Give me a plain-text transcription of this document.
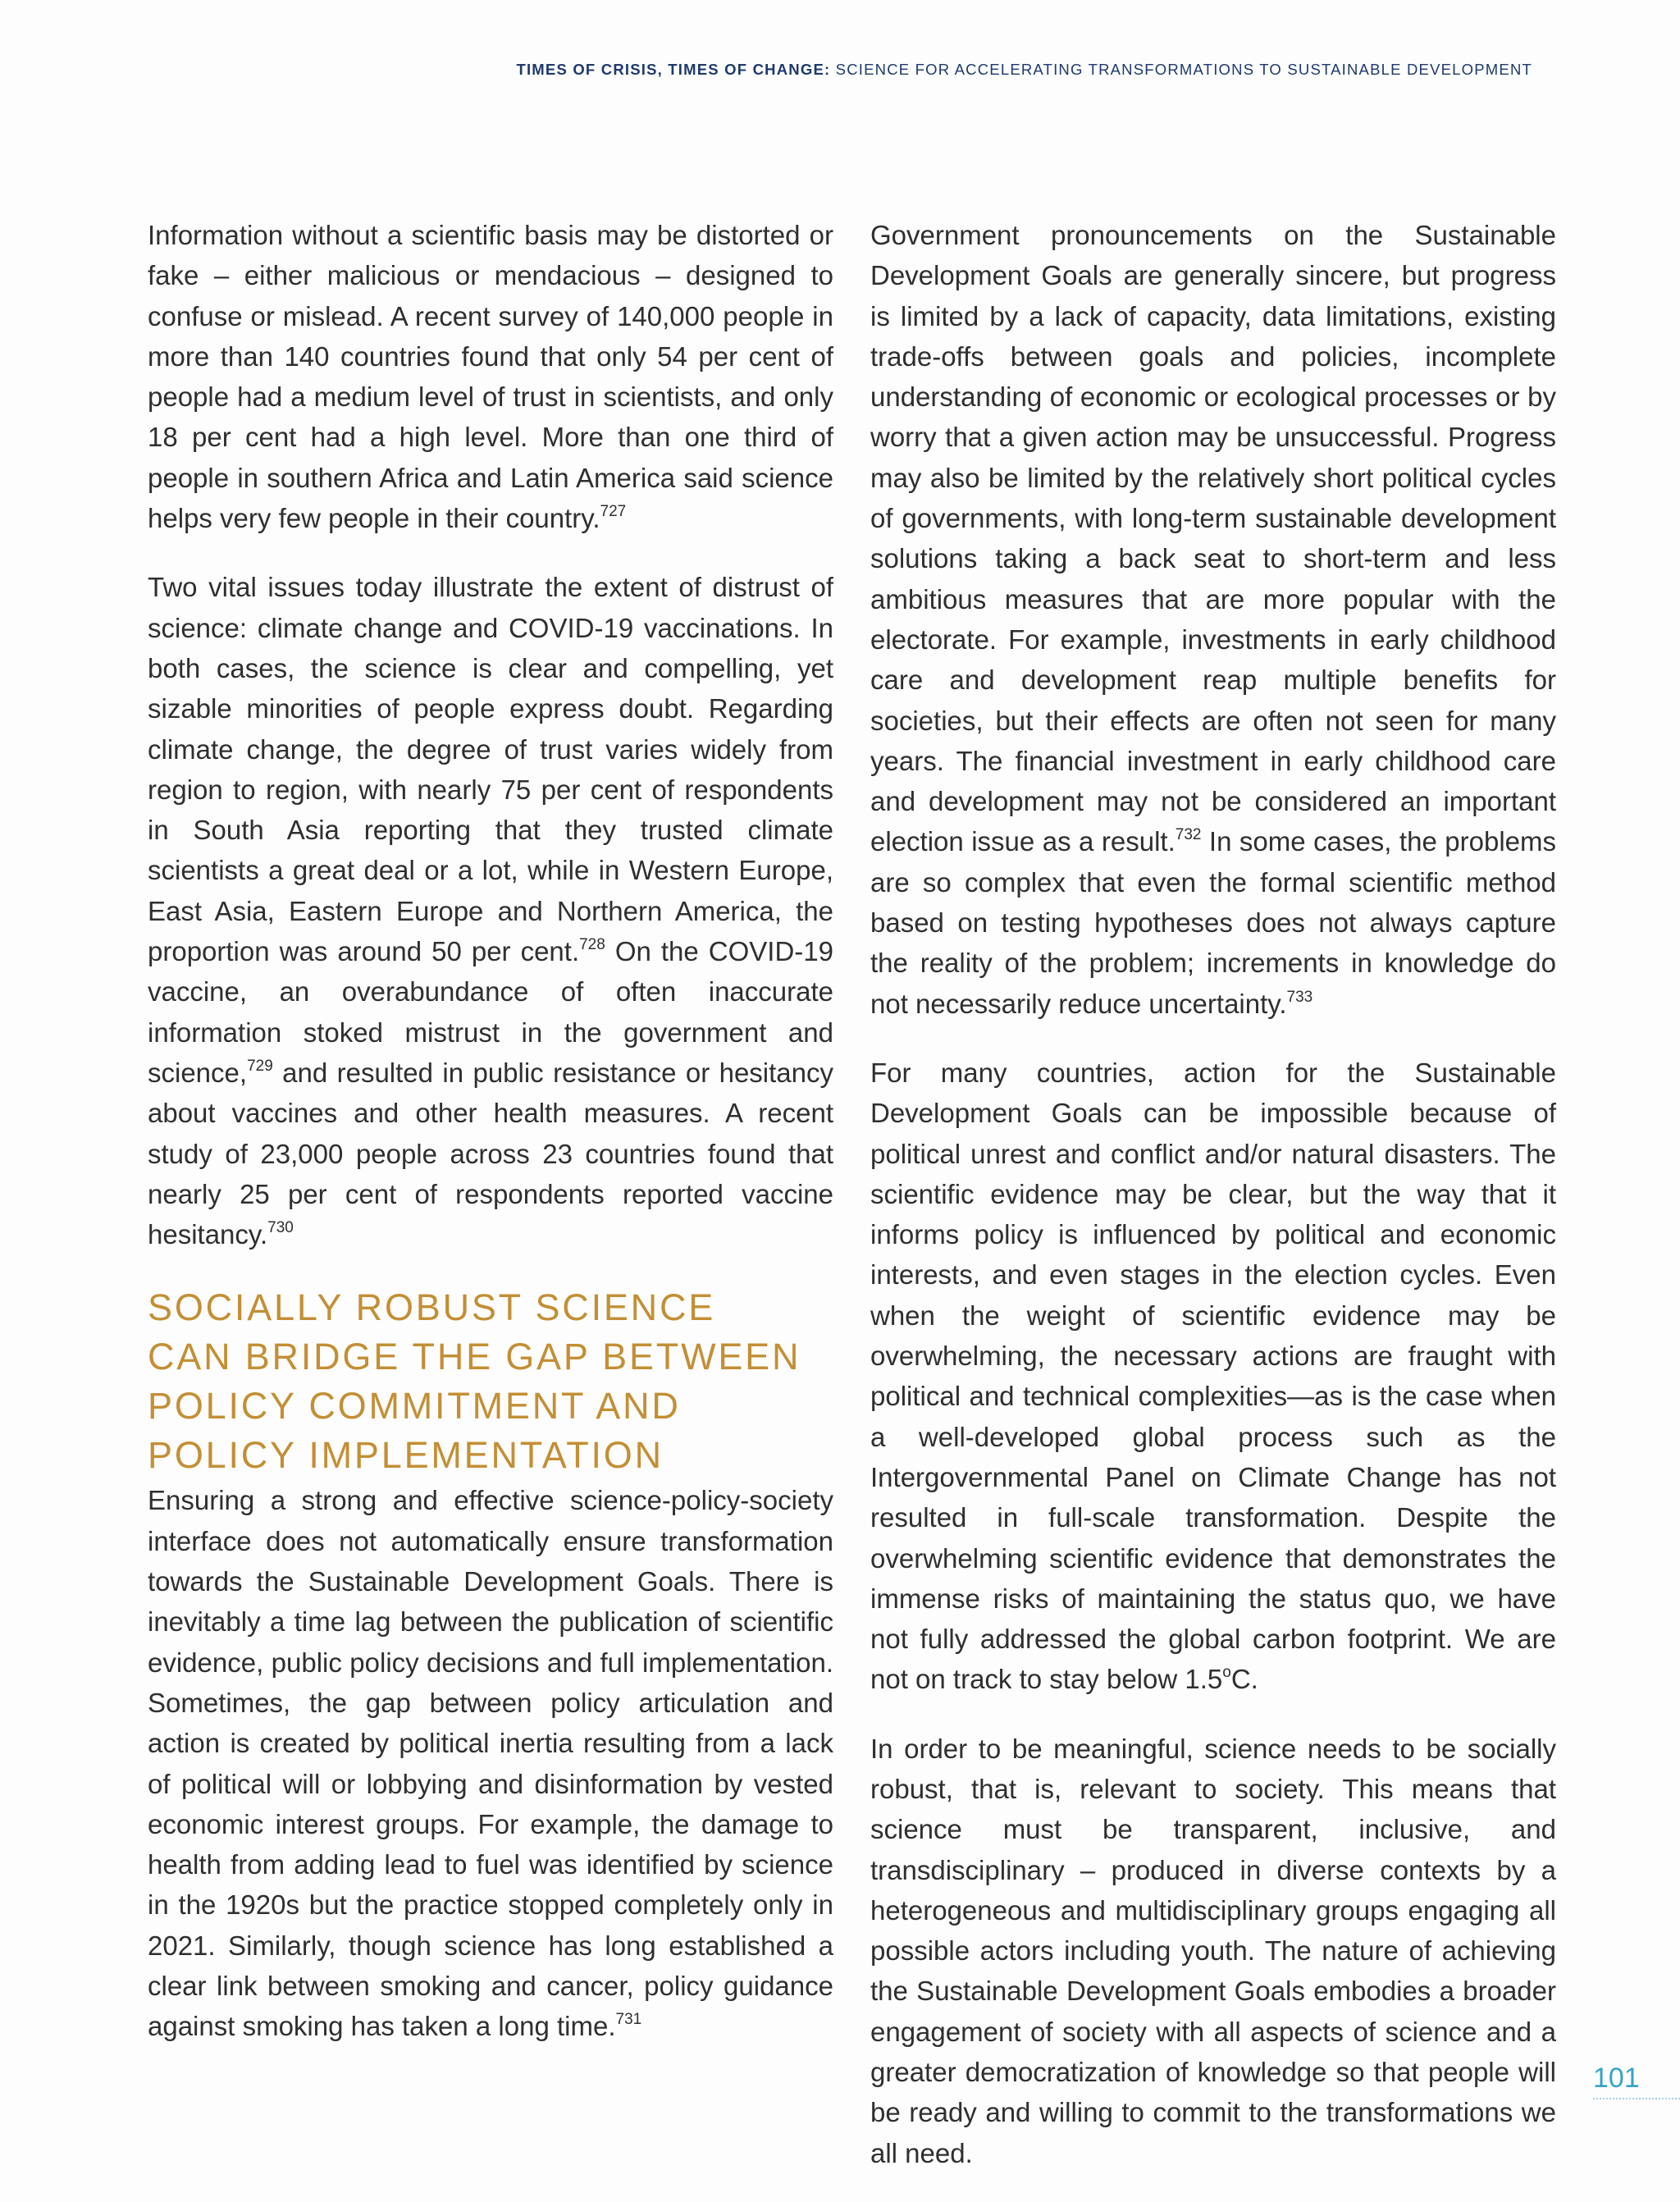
TIMES OF CRISIS, TIMES OF CHANGE: SCIENCE FOR ACCELERATING TRANSFORMATIONS TO SUSTAINABLE DEVELOPMENT

Information without a scientific basis may be distorted or fake – either malicious or mendacious – designed to confuse or mislead. A recent survey of 140,000 people in more than 140 countries found that only 54 per cent of people had a medium level of trust in scientists, and only 18 per cent had a high level. More than one third of people in southern Africa and Latin America said science helps very few people in their country.$^{727}$

Two vital issues today illustrate the extent of distrust of science: climate change and COVID-19 vaccinations. In both cases, the science is clear and compelling, yet sizable minorities of people express doubt. Regarding climate change, the degree of trust varies widely from region to region, with nearly 75 per cent of respondents in South Asia reporting that they trusted climate scientists a great deal or a lot, while in Western Europe, East Asia, Eastern Europe and Northern America, the proportion was around 50 per cent.$^{728}$ On the COVID-19 vaccine, an overabundance of often inaccurate information stoked mistrust in the government and science,$^{729}$ and resulted in public resistance or hesitancy about vaccines and other health measures. A recent study of 23,000 people across 23 countries found that nearly 25 per cent of respondents reported vaccine hesitancy.$^{730}$

SOCIALLY ROBUST SCIENCE
CAN BRIDGE THE GAP BETWEEN
POLICY COMMITMENT AND
POLICY IMPLEMENTATION

Ensuring a strong and effective science-policy-society interface does not automatically ensure transformation towards the Sustainable Development Goals. There is inevitably a time lag between the publication of scientific evidence, public policy decisions and full implementation. Sometimes, the gap between policy articulation and action is created by political inertia resulting from a lack of political will or lobbying and disinformation by vested economic interest groups. For example, the damage to health from adding lead to fuel was identified by science in the 1920s but the practice stopped completely only in 2021. Similarly, though science has long established a clear link between smoking and cancer, policy guidance against smoking has taken a long time.$^{731}$

Government pronouncements on the Sustainable Development Goals are generally sincere, but progress is limited by a lack of capacity, data limitations, existing trade-offs between goals and policies, incomplete understanding of economic or ecological processes or by worry that a given action may be unsuccessful. Progress may also be limited by the relatively short political cycles of governments, with long-term sustainable development solutions taking a back seat to short-term and less ambitious measures that are more popular with the electorate. For example, investments in early childhood care and development reap multiple benefits for societies, but their effects are often not seen for many years. The financial investment in early childhood care and development may not be considered an important election issue as a result.$^{732}$ In some cases, the problems are so complex that even the formal scientific method based on testing hypotheses does not always capture the reality of the problem; increments in knowledge do not necessarily reduce uncertainty.$^{733}$

For many countries, action for the Sustainable Development Goals can be impossible because of political unrest and conflict and/or natural disasters. The scientific evidence may be clear, but the way that it informs policy is influenced by political and economic interests, and even stages in the election cycles. Even when the weight of scientific evidence may be overwhelming, the necessary actions are fraught with political and technical complexities—as is the case when a well-developed global process such as the Intergovernmental Panel on Climate Change has not resulted in full-scale transformation. Despite the overwhelming scientific evidence that demonstrates the immense risks of maintaining the status quo, we have not fully addressed the global carbon footprint. We are not on track to stay below 1.5$^o$C.

In order to be meaningful, science needs to be socially robust, that is, relevant to society. This means that science must be transparent, inclusive, and transdisciplinary – produced in diverse contexts by a heterogeneous and multidisciplinary groups engaging all possible actors including youth. The nature of achieving the Sustainable Development Goals embodies a broader engagement of society with all aspects of science and a greater democratization of knowledge so that people will be ready and willing to commit to the transformations we all need.

101
